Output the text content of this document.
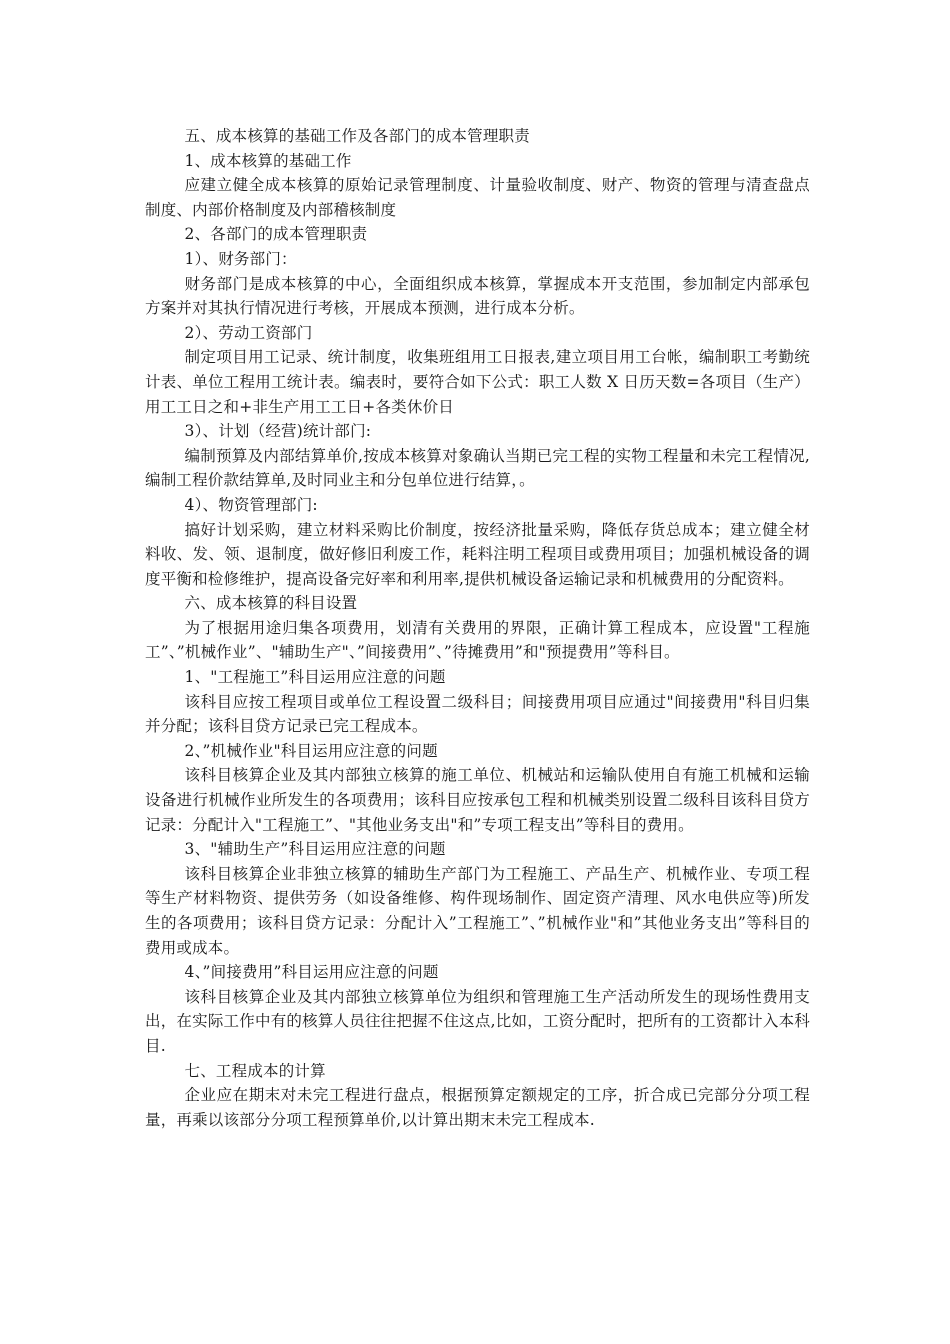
五、成本核算的基础工作及各部门的成本管理职责

1、成本核算的基础工作

应建立健全成本核算的原始记录管理制度、计量验收制度、财产、物资的管理与清查盘点制度、内部价格制度及内部稽核制度

2、各部门的成本管理职责

1）、财务部门：

财务部门是成本核算的中心，全面组织成本核算，掌握成本开支范围，参加制定内部承包方案并对其执行情况进行考核，开展成本预测，进行成本分析。

2）、劳动工资部门

制定项目用工记录、统计制度，收集班组用工日报表,建立项目用工台帐，编制职工考勤统计表、单位工程用工统计表。编表时，要符合如下公式：职工人数 X 日历天数=各项目（生产）用工工日之和+非生产用工工日+各类休价日

3）、计划（经营)统计部门:

编制预算及内部结算单价,按成本核算对象确认当期已完工程的实物工程量和未完工程情况,编制工程价款结算单,及时同业主和分包单位进行结算，。

4）、物资管理部门:

搞好计划采购，建立材料采购比价制度，按经济批量采购，降低存货总成本；建立健全材料收、发、领、退制度，做好修旧利废工作，耗料注明工程项目或费用项目；加强机械设备的调度平衡和检修维护，提高设备完好率和利用率,提供机械设备运输记录和机械费用的分配资料。

六、成本核算的科目设置

为了根据用途归集各项费用，划清有关费用的界限，正确计算工程成本，应设置"工程施工”、”机械作业”、"辅助生产"、”间接费用”、”待摊费用”和"预提费用”等科目。

1、"工程施工”科目运用应注意的问题

该科目应按工程项目或单位工程设置二级科目；间接费用项目应通过"间接费用"科目归集并分配；该科目贷方记录已完工程成本。

2、”机械作业"科目运用应注意的问题

该科目核算企业及其内部独立核算的施工单位、机械站和运输队使用自有施工机械和运输设备进行机械作业所发生的各项费用；该科目应按承包工程和机械类别设置二级科目该科目贷方记录：分配计入"工程施工”、"其他业务支出"和”专项工程支出”等科目的费用。

3、"辅助生产”科目运用应注意的问题

该科目核算企业非独立核算的辅助生产部门为工程施工、产品生产、机械作业、专项工程等生产材料物资、提供劳务（如设备维修、构件现场制作、固定资产清理、风水电供应等)所发生的各项费用；该科目贷方记录：分配计入”工程施工”、”机械作业"和”其他业务支出”等科目的费用或成本。

4、”间接费用”科目运用应注意的问题

该科目核算企业及其内部独立核算单位为组织和管理施工生产活动所发生的现场性费用支出，在实际工作中有的核算人员往往把握不住这点,比如，工资分配时，把所有的工资都计入本科目.

七、工程成本的计算

企业应在期末对未完工程进行盘点，根据预算定额规定的工序，折合成已完部分分项工程量，再乘以该部分分项工程预算单价,以计算出期末未完工程成本.
